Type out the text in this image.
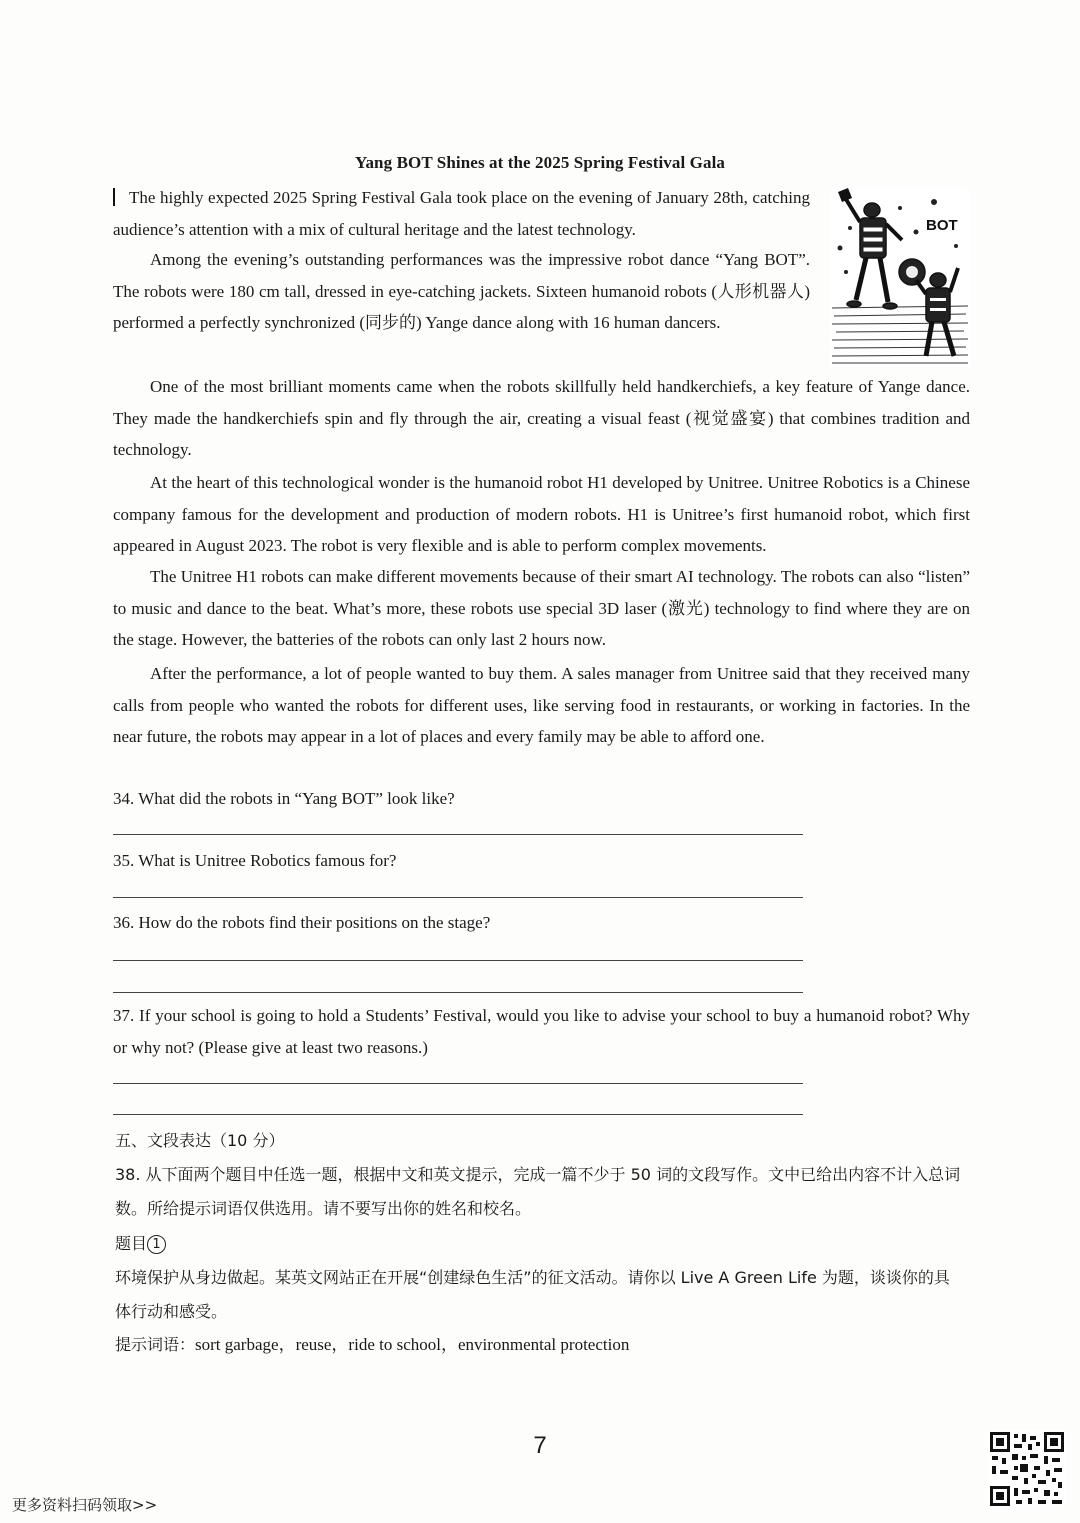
Yang BOT Shines at the 2025 Spring Festival Gala
The highly expected 2025 Spring Festival Gala took place on the evening of January 28th, catching audience’s attention with a mix of cultural heritage and the latest technology.
Among the evening’s outstanding performances was the impressive robot dance “Yang BOT”. The robots were 180 cm tall, dressed in eye-catching jackets. Sixteen humanoid robots (人形机器人) performed a perfectly synchronized (同步的) Yange dance along with 16 human dancers.
BOT
One of the most brilliant moments came when the robots skillfully held handkerchiefs, a key feature of Yange dance. They made the handkerchiefs spin and fly through the air, creating a visual feast (视觉盛宴) that combines tradition and technology.
At the heart of this technological wonder is the humanoid robot H1 developed by Unitree. Unitree Robotics is a Chinese company famous for the development and production of modern robots. H1 is Unitree’s first humanoid robot, which first appeared in August 2023. The robot is very flexible and is able to perform complex movements.
The Unitree H1 robots can make different movements because of their smart AI technology. The robots can also “listen” to music and dance to the beat. What’s more, these robots use special 3D laser (激光) technology to find where they are on the stage. However, the batteries of the robots can only last 2 hours now.
After the performance, a lot of people wanted to buy them. A sales manager from Unitree said that they received many calls from people who wanted the robots for different uses, like serving food in restaurants, or working in factories. In the near future, the robots may appear in a lot of places and every family may be able to afford one.
34. What did the robots in “Yang BOT” look like?
35. What is Unitree Robotics famous for?
36. How do the robots find their positions on the stage?
37. If your school is going to hold a Students’ Festival, would you like to advise your school to buy a humanoid robot? Why or why not? (Please give at least two reasons.)
五、文段表达（10 分）
38. 从下面两个题目中任选一题，根据中文和英文提示，完成一篇不少于 50 词的文段写作。文中已给出内容不计入总词数。所给提示词语仅供选用。请不要写出你的姓名和校名。
题目 1
环境保护从身边做起。某英文网站正在开展“创建绿色生活”的征文活动。请你以 Live A Green Life 为题，谈谈你的具体行动和感受。
提示词语：sort garbage，reuse，ride to school，environmental protection
7
更多资料扫码领取>>
